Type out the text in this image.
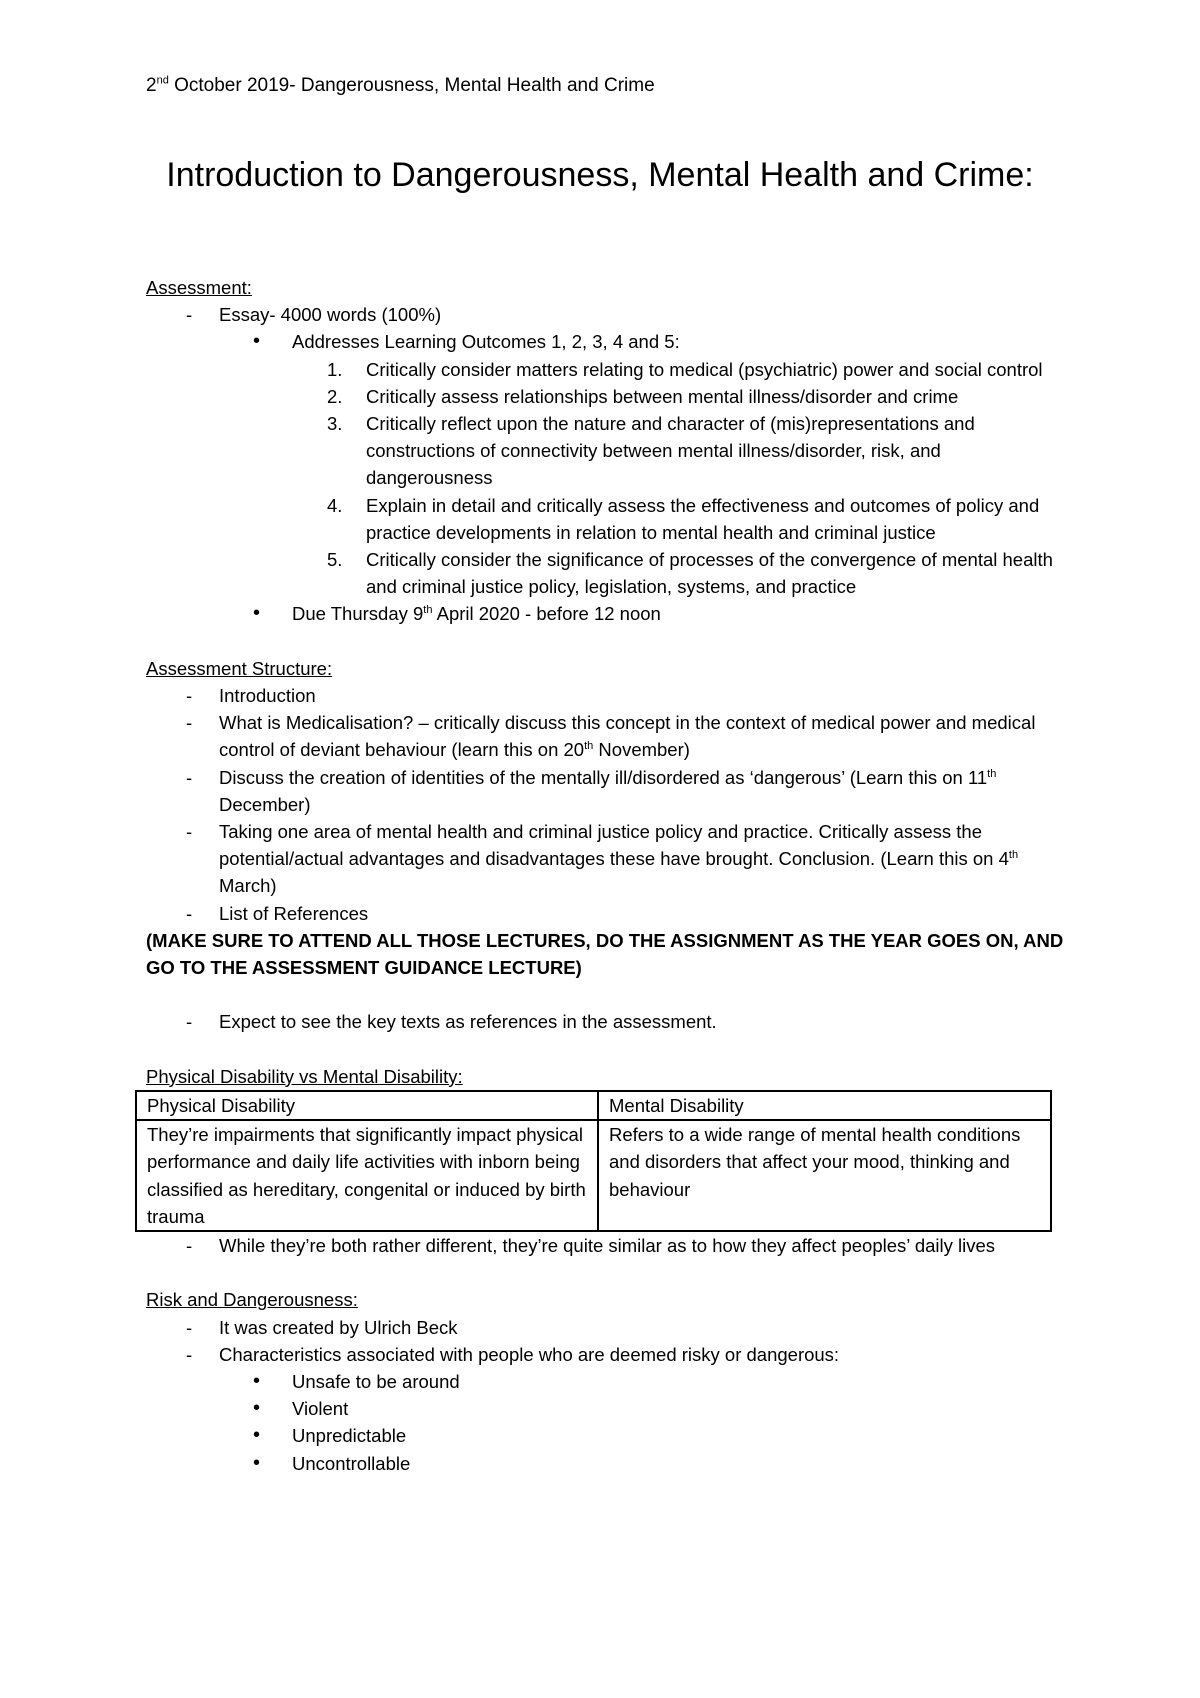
2nd October 2019- Dangerousness, Mental Health and Crime
Introduction to Dangerousness, Mental Health and Crime:
Assessment:
- Essay- 4000 words (100%)
• Addresses Learning Outcomes 1, 2, 3, 4 and 5:
1. Critically consider matters relating to medical (psychiatric) power and social control
2. Critically assess relationships between mental illness/disorder and crime
3. Critically reflect upon the nature and character of (mis)representations and constructions of connectivity between mental illness/disorder, risk, and dangerousness
4. Explain in detail and critically assess the effectiveness and outcomes of policy and practice developments in relation to mental health and criminal justice
5. Critically consider the significance of processes of the convergence of mental health and criminal justice policy, legislation, systems, and practice
• Due Thursday 9th April 2020 - before 12 noon
Assessment Structure:
- Introduction
- What is Medicalisation? – critically discuss this concept in the context of medical power and medical control of deviant behaviour (learn this on 20th November)
- Discuss the creation of identities of the mentally ill/disordered as ‘dangerous’ (Learn this on 11th December)
- Taking one area of mental health and criminal justice policy and practice. Critically assess the potential/actual advantages and disadvantages these have brought. Conclusion. (Learn this on 4th March)
- List of References
(MAKE SURE TO ATTEND ALL THOSE LECTURES, DO THE ASSIGNMENT AS THE YEAR GOES ON, AND GO TO THE ASSESSMENT GUIDANCE LECTURE)
- Expect to see the key texts as references in the assessment.
Physical Disability vs Mental Disability:
Physical Disability	Mental Disability
They’re impairments that significantly impact physical performance and daily life activities with inborn being classified as hereditary, congenital or induced by birth trauma	Refers to a wide range of mental health conditions and disorders that affect your mood, thinking and behaviour
- While they’re both rather different, they’re quite similar as to how they affect peoples’ daily lives
Risk and Dangerousness:
- It was created by Ulrich Beck
- Characteristics associated with people who are deemed risky or dangerous:
• Unsafe to be around
• Violent
• Unpredictable
• Uncontrollable
